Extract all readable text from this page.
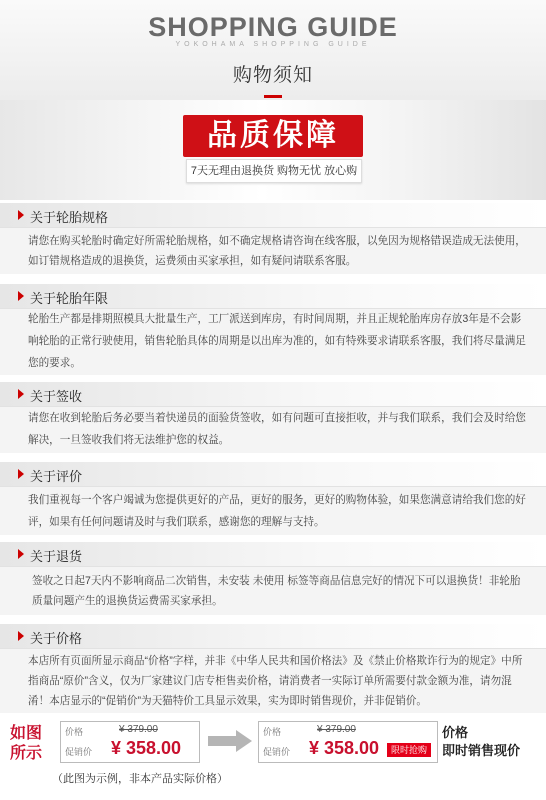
SHOPPING GUIDE
YOKOHAMA SHOPPING GUIDE
购物须知
品质保障
7天无理由退换货 购物无忧 放心购
关于轮胎规格
请您在购买轮胎时确定好所需轮胎规格，如不确定规格请咨询在线客服，以免因为规格错误造成无法使用，如订错规格造成的退换货，运费须由买家承担，如有疑问请联系客服。
关于轮胎年限
轮胎生产都是排期照模具大批量生产，工厂派送到库房，有时间周期，并且正规轮胎库房存放3年是不会影响轮胎的正常行驶使用，销售轮胎具体的周期是以出库为准的，如有特殊要求请联系客服，我们将尽量满足您的要求。
关于签收
请您在收到轮胎后务必要当着快递员的面验货签收，如有问题可直接拒收，并与我们联系，我们会及时给您解决，一旦签收我们将无法维护您的权益。
关于评价
我们重视每一个客户竭诚为您提供更好的产品，更好的服务，更好的购物体验，如果您满意请给我们您的好评，如果有任何问题请及时与我们联系，感谢您的理解与支持。
关于退货
签收之日起7天内不影响商品二次销售，未安装 未使用 标签等商品信息完好的情况下可以退换货！非轮胎质量问题产生的退换货运费需买家承担。
关于价格
本店所有页面所显示商品“价格”字样，并非《中华人民共和国价格法》及《禁止价格欺诈行为的规定》中所指商品“原价”含义，仅为厂家建议门店专柜售卖价格，请消费者一实际订单所需要付款金额为准，请勿混淆！本店显示的“促销价”为天猫特价工具显示效果，实为即时销售现价，并非促销价。
如图所示
价格
促销价
¥ 379.00
¥ 358.00
价格
促销价
¥ 379.00
¥ 358.00	限时抢购
价格
即时销售现价
（此图为示例，非本产品实际价格）
